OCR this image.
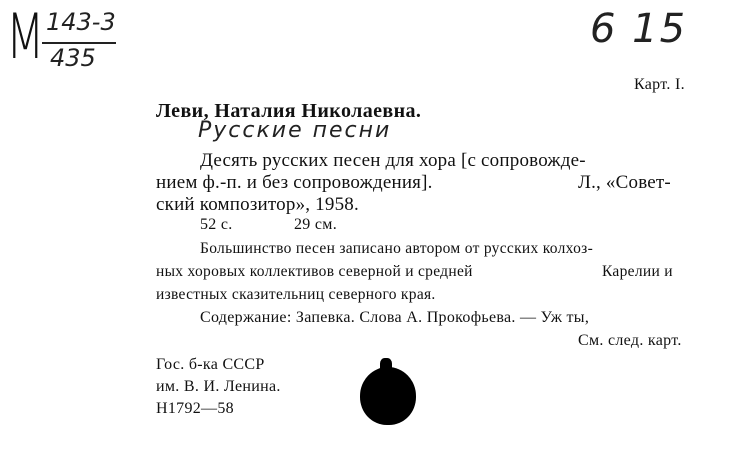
М 143-3
435
6 15
Карт. I.
Леви, Наталия Николаевна.
Русские песни
Десять русских песен для хора [с сопровожде-
нием ф.-п. и без сопровождения].	Л., «Совет-
ский композитор», 1958.
52 с.	29 см.
Большинство песен записано автором от русских колхоз-
ных хоровых коллективов северной и средней	Карелии и
известных сказительниц северного края.
Содержание: Запевка. Слова А. Прокофьева. — Уж ты,
См. след. карт.
Гос. б-ка СССР
им. В. И. Ленина.
Н1792—58
